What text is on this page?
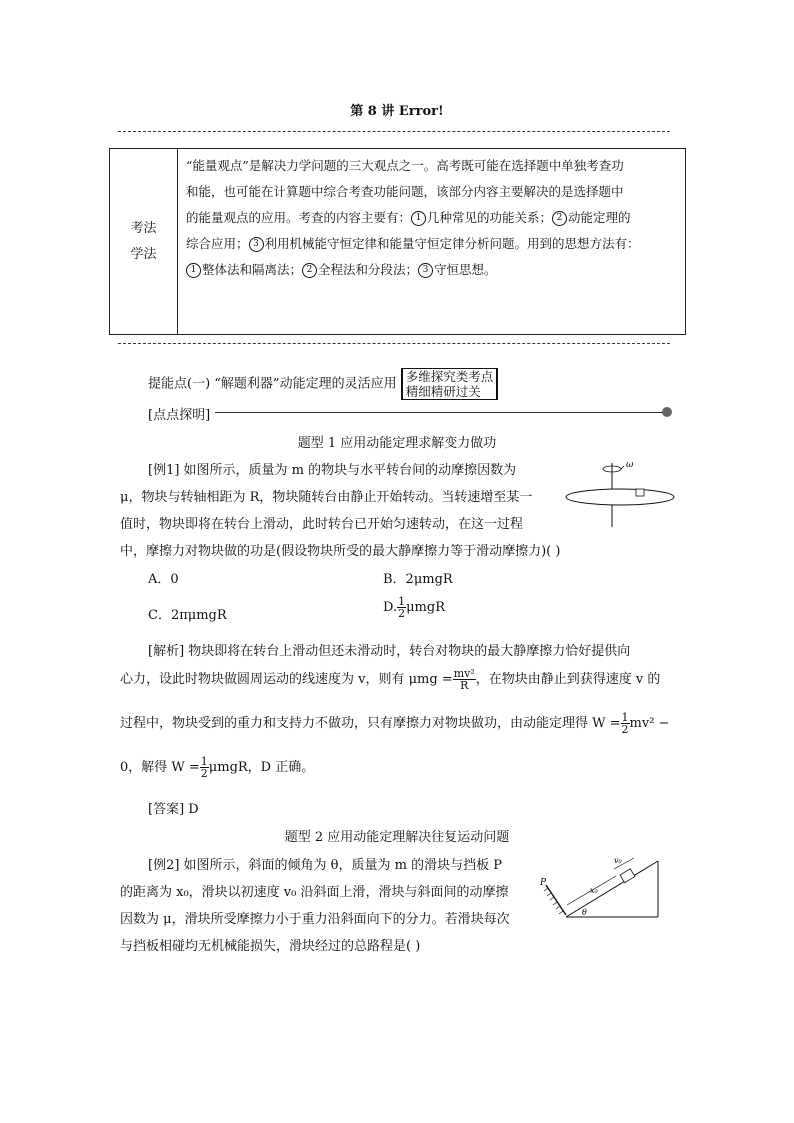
第 8 讲 Error!
考法
学法
“能量观点”是解决力学问题的三大观点之一。高考既可能在选择题中单独考查功
和能，也可能在计算题中综合考查功能问题，该部分内容主要解决的是选择题中
的能量观点的应用。考查的内容主要有： 1 几种常见的功能关系； 2 动能定理的
综合应用； 3 利用机械能守恒定律和能量守恒定律分析问题。用到的思想方法有：
1 整体法和隔离法； 2 全程法和分段法； 3 守恒思想。
提能点(一) “解题利器”动能定理的灵活应用 多维探究类考点
精细精研过关
[点点探明]
题型 1 应用动能定理求解变力做功
[例1] 如图所示，质量为 m 的物块与水平转台间的动摩擦因数为
μ，物块与转轴相距为 R，物块随转台由静止开始转动。当转速增至某一
值时，物块即将在转台上滑动，此时转台已开始匀速转动，在这一过程
中，摩擦力对物块做的功是(假设物块所受的最大静摩擦力等于滑动摩擦力)( )
ω
A．0	B．2μmgR
C．2πμmgR
D. $\frac{1}{2}$ μmgR
[解析] 物块即将在转台上滑动但还未滑动时，转台对物块的最大静摩擦力恰好提供向
心力，设此时物块做圆周运动的线速度为 v，则有 $\mu mg = \frac{\text{mv²}}{R}$ ，在物块由静止到获得速度 v 的
过程中，物块受到的重力和支持力不做功，只有摩擦力对物块做功，由动能定理得 $W = \frac{1}{2} mv^2$ −
0，解得 $W = \frac{1}{2}$ μmgR，D 正确。
[答案] D
题型 2 应用动能定理解决往复运动问题
[例2] 如图所示，斜面的倾角为 θ，质量为 m 的滑块与挡板 P
的距离为 x₀，滑块以初速度 v₀ 沿斜面上滑，滑块与斜面间的动摩擦
因数为 μ，滑块所受摩擦力小于重力沿斜面向下的分力。若滑块每次
与挡板相碰均无机械能损失，滑块经过的总路程是( )
P
x₀
v₀
θ
